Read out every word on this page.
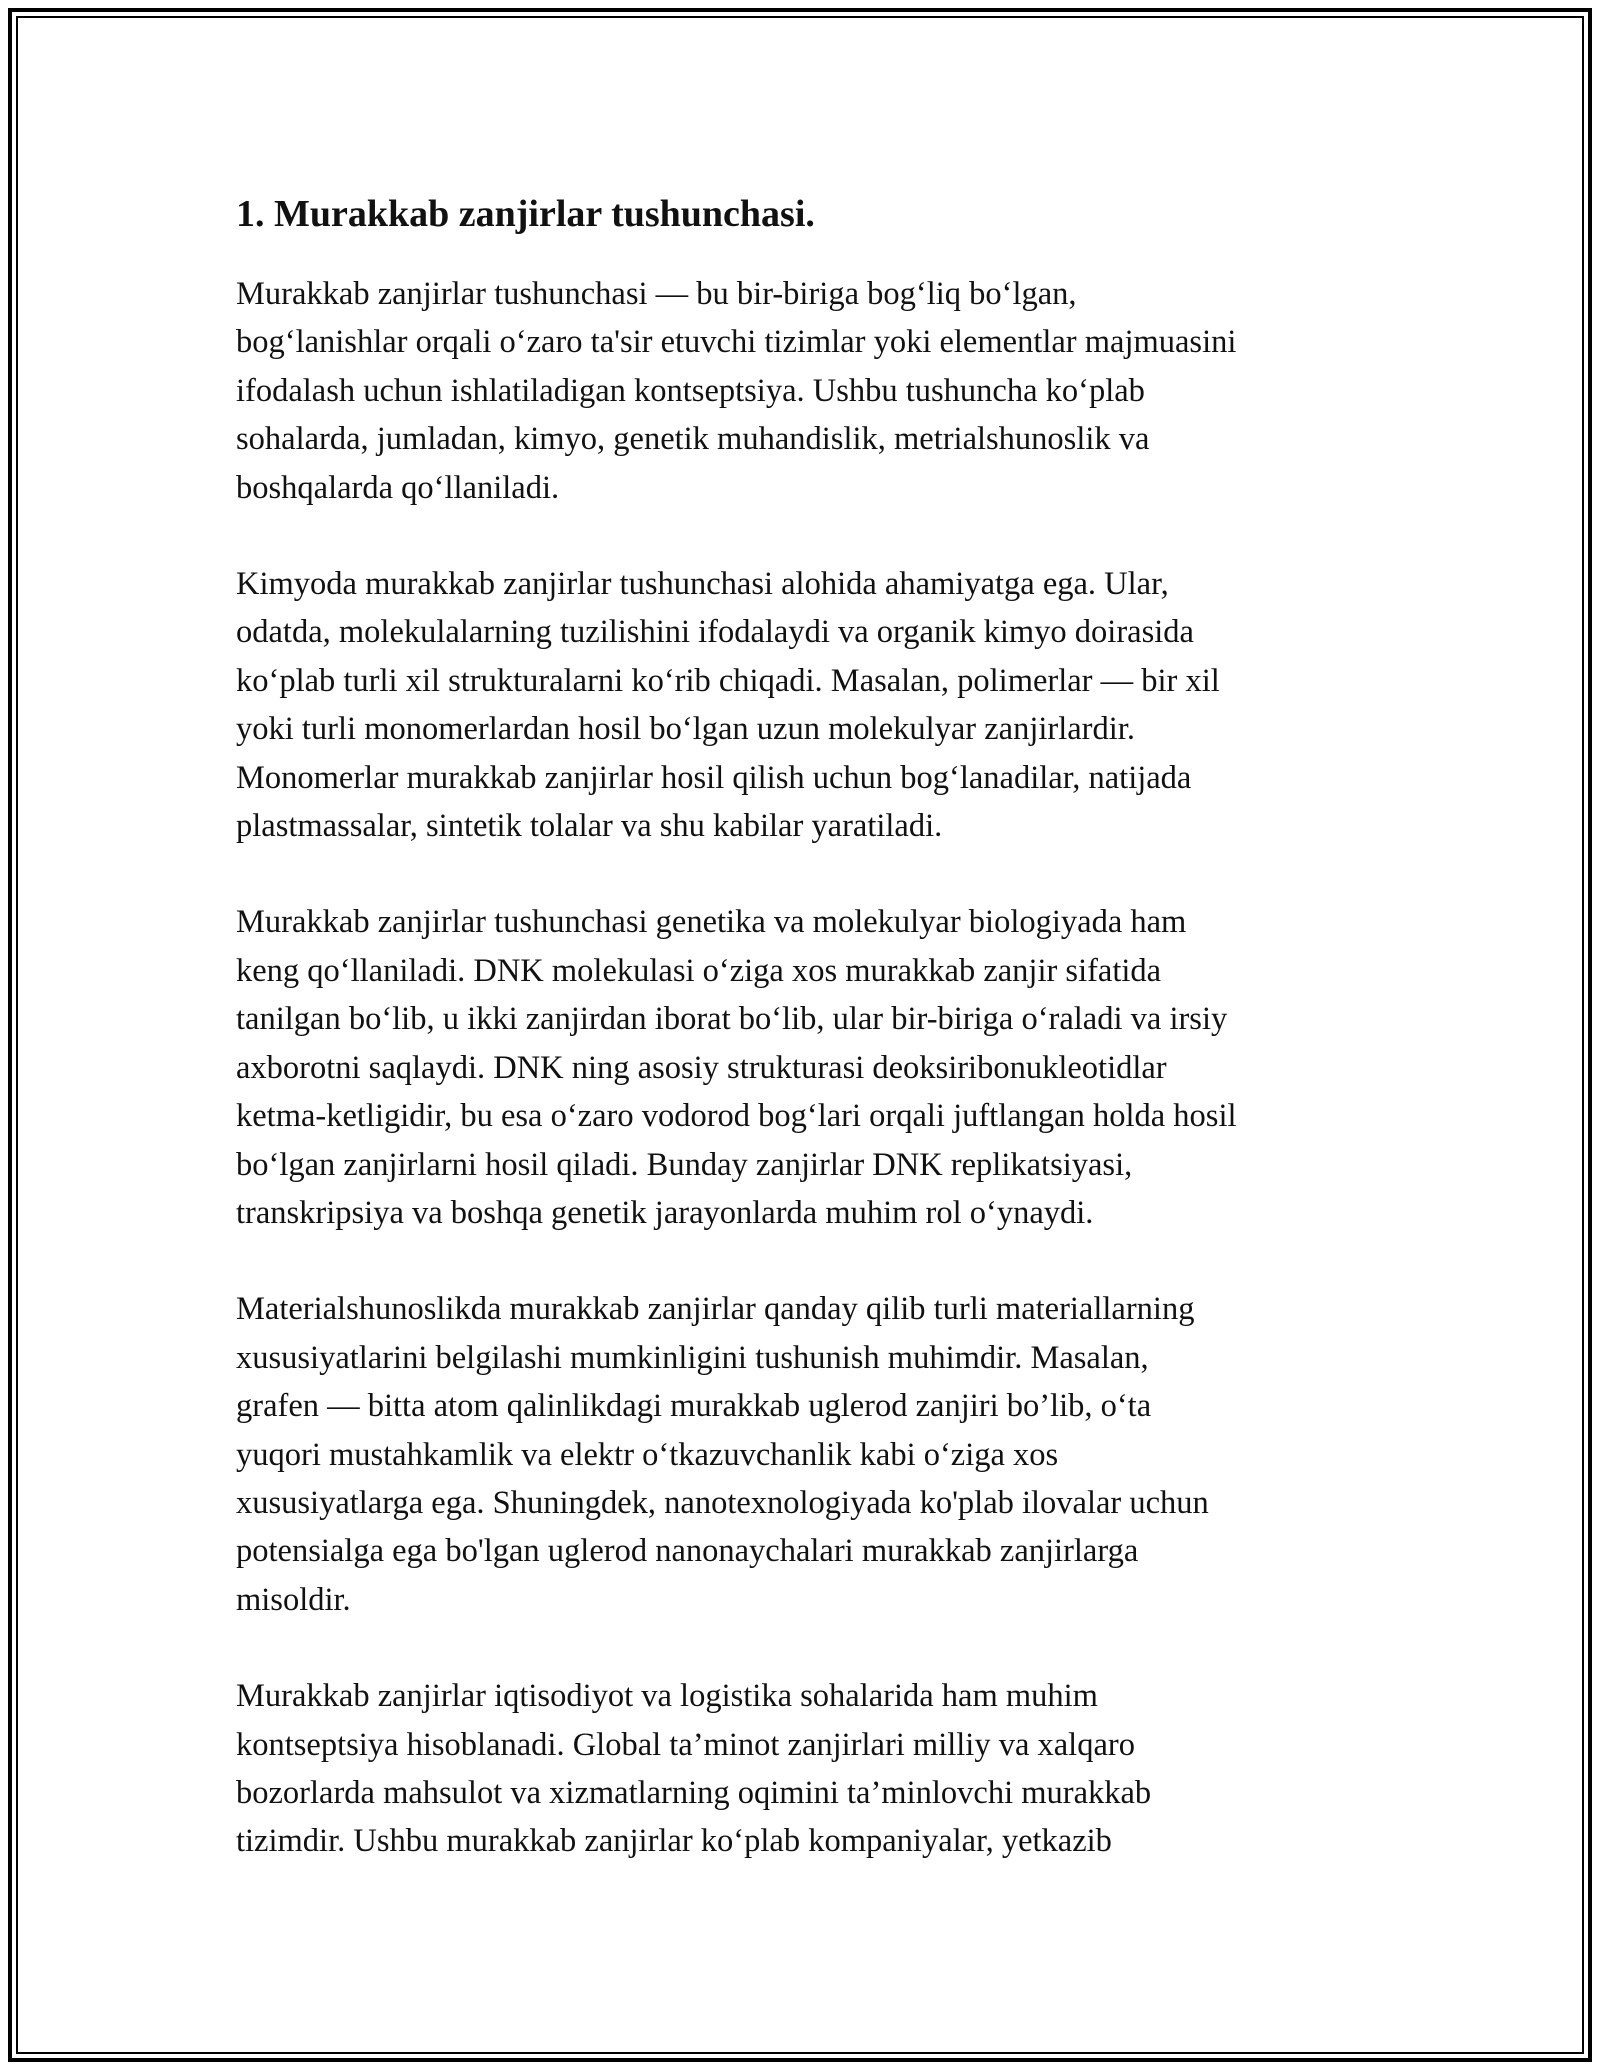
1. Murakkab zanjirlar tushunchasi.

Murakkab zanjirlar tushunchasi — bu bir-biriga bogʻliq boʻlgan,
bogʻlanishlar orqali oʻzaro ta'sir etuvchi tizimlar yoki elementlar majmuasini
ifodalash uchun ishlatiladigan kontseptsiya. Ushbu tushuncha koʻplab
sohalarda, jumladan, kimyo, genetik muhandislik, metrialshunoslik va
boshqalarda qoʻllaniladi.

Kimyoda murakkab zanjirlar tushunchasi alohida ahamiyatga ega. Ular,
odatda, molekulalarning tuzilishini ifodalaydi va organik kimyo doirasida
koʻplab turli xil strukturalarni koʻrib chiqadi. Masalan, polimerlar — bir xil
yoki turli monomerlardan hosil boʻlgan uzun molekulyar zanjirlardir.
Monomerlar murakkab zanjirlar hosil qilish uchun bogʻlanadilar, natijada
plastmassalar, sintetik tolalar va shu kabilar yaratiladi.

Murakkab zanjirlar tushunchasi genetika va molekulyar biologiyada ham
keng qoʻllaniladi. DNK molekulasi oʻziga xos murakkab zanjir sifatida
tanilgan boʻlib, u ikki zanjirdan iborat boʻlib, ular bir-biriga oʻraladi va irsiy
axborotni saqlaydi. DNK ning asosiy strukturasi deoksiribonukleotidlar
ketma-ketligidir, bu esa oʻzaro vodorod bogʻlari orqali juftlangan holda hosil
boʻlgan zanjirlarni hosil qiladi. Bunday zanjirlar DNK replikatsiyasi,
transkripsiya va boshqa genetik jarayonlarda muhim rol oʻynaydi.

Materialshunoslikda murakkab zanjirlar qanday qilib turli materiallarning
xususiyatlarini belgilashi mumkinligini tushunish muhimdir. Masalan,
grafen — bitta atom qalinlikdagi murakkab uglerod zanjiri bo’lib, oʻta
yuqori mustahkamlik va elektr oʻtkazuvchanlik kabi oʻziga xos
xususiyatlarga ega. Shuningdek, nanotexnologiyada ko'plab ilovalar uchun
potensialga ega bo'lgan uglerod nanonaychalari murakkab zanjirlarga
misoldir.

Murakkab zanjirlar iqtisodiyot va logistika sohalarida ham muhim
kontseptsiya hisoblanadi. Global ta’minot zanjirlari milliy va xalqaro
bozorlarda mahsulot va xizmatlarning oqimini ta’minlovchi murakkab
tizimdir. Ushbu murakkab zanjirlar koʻplab kompaniyalar, yetkazib
